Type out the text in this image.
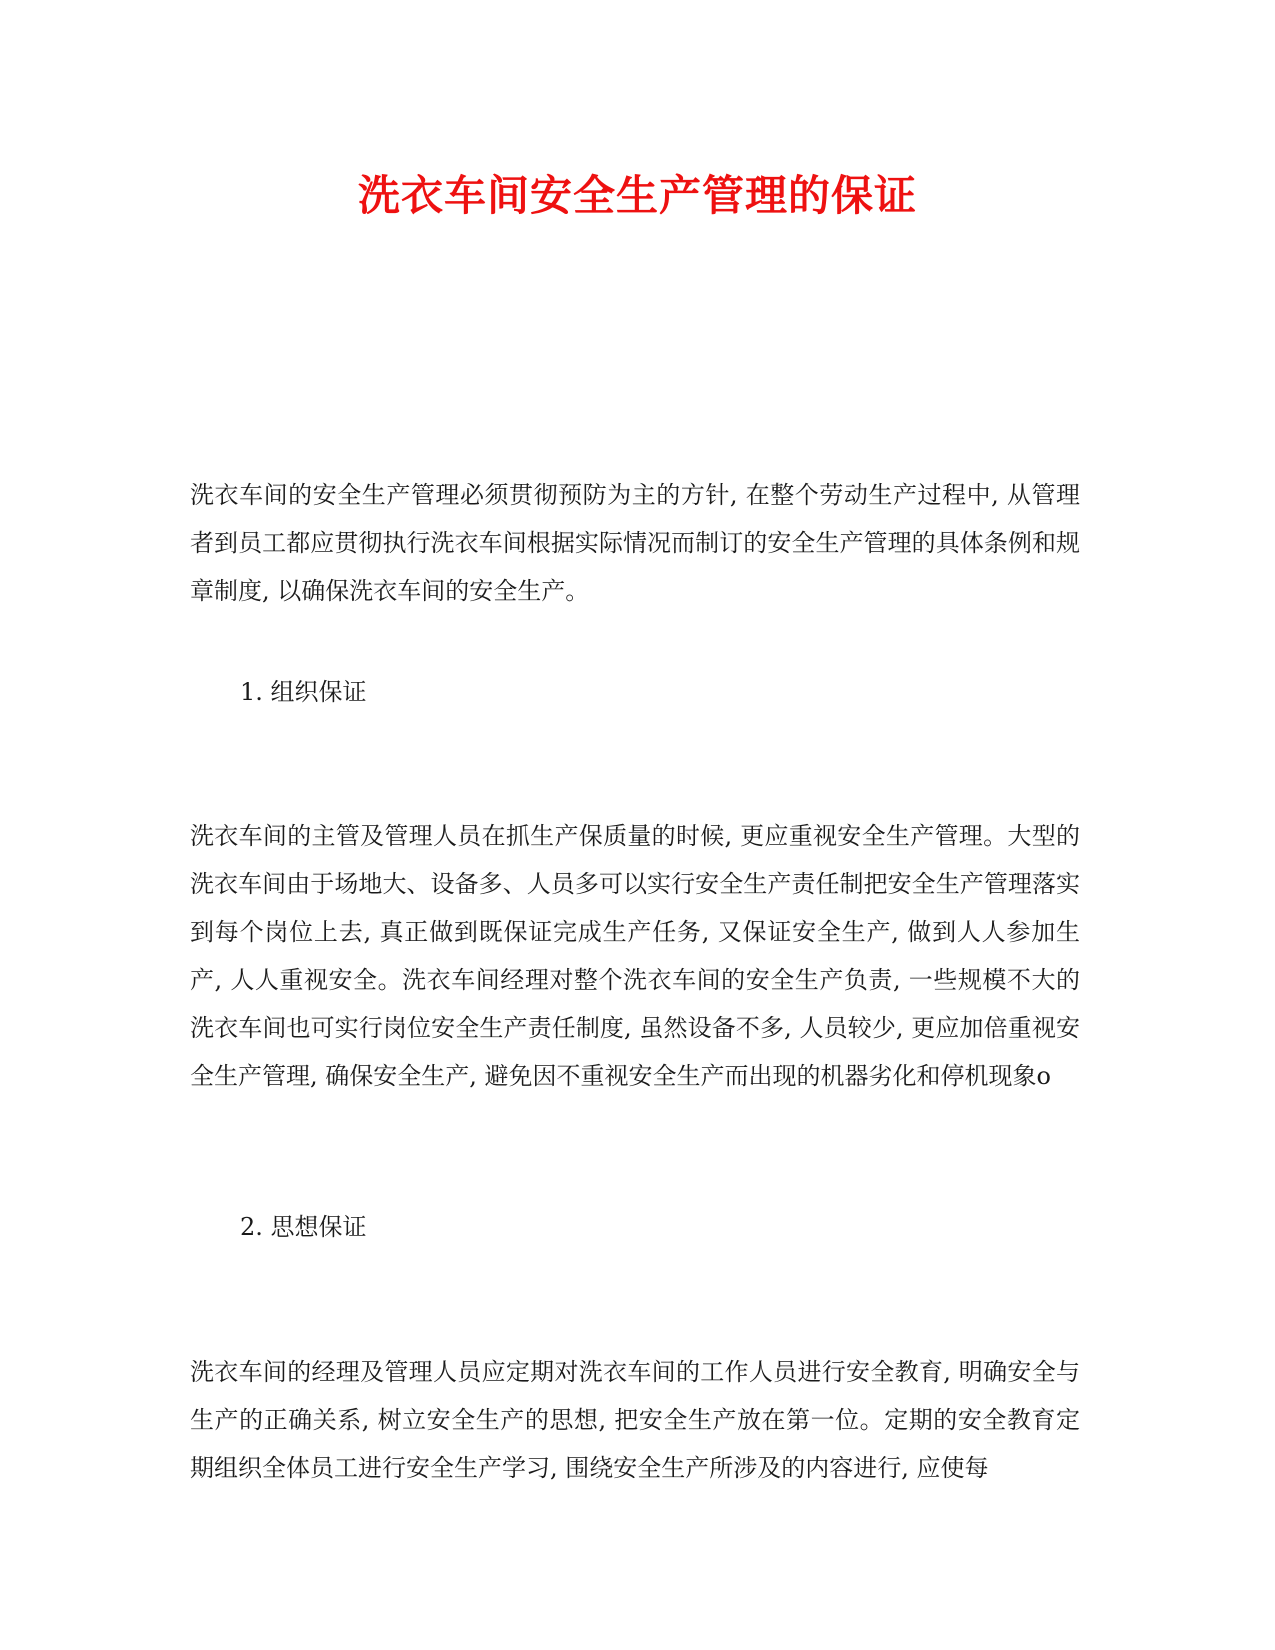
洗衣车间安全生产管理的保证

洗衣车间的安全生产管理必须贯彻预防为主的方针, 在整个劳动生产过程中, 从管理者到员工都应贯彻执行洗衣车间根据实际情况而制订的安全生产管理的具体条例和规章制度, 以确保洗衣车间的安全生产。

1. 组织保证

洗衣车间的主管及管理人员在抓生产保质量的时候, 更应重视安全生产管理。大型的洗衣车间由于场地大、设备多、人员多可以实行安全生产责任制把安全生产管理落实到每个岗位上去, 真正做到既保证完成生产任务, 又保证安全生产, 做到人人参加生产, 人人重视安全。洗衣车间经理对整个洗衣车间的安全生产负责, 一些规模不大的洗衣车间也可实行岗位安全生产责任制度, 虽然设备不多, 人员较少, 更应加倍重视安全生产管理, 确保安全生产, 避免因不重视安全生产而出现的机器劣化和停机现象o

2. 思想保证

洗衣车间的经理及管理人员应定期对洗衣车间的工作人员进行安全教育, 明确安全与生产的正确关系, 树立安全生产的思想, 把安全生产放在第一位。定期的安全教育定期组织全体员工进行安全生产学习, 围绕安全生产所涉及的内容进行, 应使每
